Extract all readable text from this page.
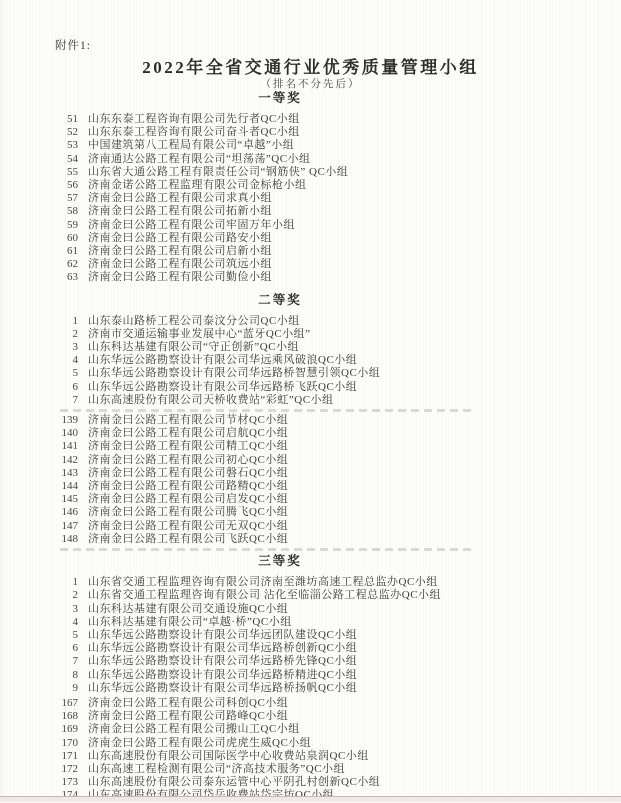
附件1:
2022年全省交通行业优秀质量管理小组
（排名不分先后）
一等奖
51 山东东泰工程咨询有限公司先行者QC小组
52 山东东泰工程咨询有限公司奋斗者QC小组
53 中国建筑第八工程局有限公司“卓越”小组
54 济南通达公路工程有限公司“坦荡荡”QC小组
55 山东省大通公路工程有限责任公司“钢筋侠” QC小组
56 济南金诺公路工程监理有限公司金标枪小组
57 济南金曰公路工程有限公司求真小组
58 济南金曰公路工程有限公司拓新小组
59 济南金曰公路工程有限公司牢固万年小组
60 济南金曰公路工程有限公司路安小组
61 济南金曰公路工程有限公司启新小组
62 济南金曰公路工程有限公司筑远小组
63 济南金曰公路工程有限公司勤俭小组
二等奖
1 山东泰山路桥工程公司泰汶分公司QC小组
2 济南市交通运输事业发展中心“蓝牙QC小组”
3 山东科达基建有限公司“守正创新”QC小组
4 山东华远公路勘察设计有限公司华远乘风破浪QC小组
5 山东华远公路勘察设计有限公司华远路桥智慧引领QC小组
6 山东华远公路勘察设计有限公司华远路桥飞跃QC小组
7 山东高速股份有限公司天桥收费站“彩虹”QC小组
139 济南金曰公路工程有限公司节材QC小组
140 济南金曰公路工程有限公司启航QC小组
141 济南金曰公路工程有限公司精工QC小组
142 济南金曰公路工程有限公司初心QC小组
143 济南金曰公路工程有限公司磐石QC小组
144 济南金曰公路工程有限公司路精QC小组
145 济南金曰公路工程有限公司启发QC小组
146 济南金曰公路工程有限公司腾飞QC小组
147 济南金曰公路工程有限公司无双QC小组
148 济南金曰公路工程有限公司飞跃QC小组
三等奖
1 山东省交通工程监理咨询有限公司济南至潍坊高速工程总监办QC小组
2 山东省交通工程监理咨询有限公司 沾化至临淄公路工程总监办QC小组
3 山东科达基建有限公司交通设施QC小组
4 山东科达基建有限公司“卓越·桥”QC小组
5 山东华远公路勘察设计有限公司华远团队建设QC小组
6 山东华远公路勘察设计有限公司华远路桥创新QC小组
7 山东华远公路勘察设计有限公司华远路桥先锋QC小组
8 山东华远公路勘察设计有限公司华远路桥精进QC小组
9 山东华远公路勘察设计有限公司华远路桥扬帆QC小组
167 济南金曰公路工程有限公司科创QC小组
168 济南金曰公路工程有限公司路峰QC小组
169 济南金曰公路工程有限公司搬山工QC小组
170 济南金曰公路工程有限公司虎虎生威QC小组
171 山东高速股份有限公司国际医学中心收费站泉润QC小组
172 山东高速工程检测有限公司“济高技术服务”QC小组
173 山东高速股份有限公司泰东运管中心平阴孔村创新QC小组
